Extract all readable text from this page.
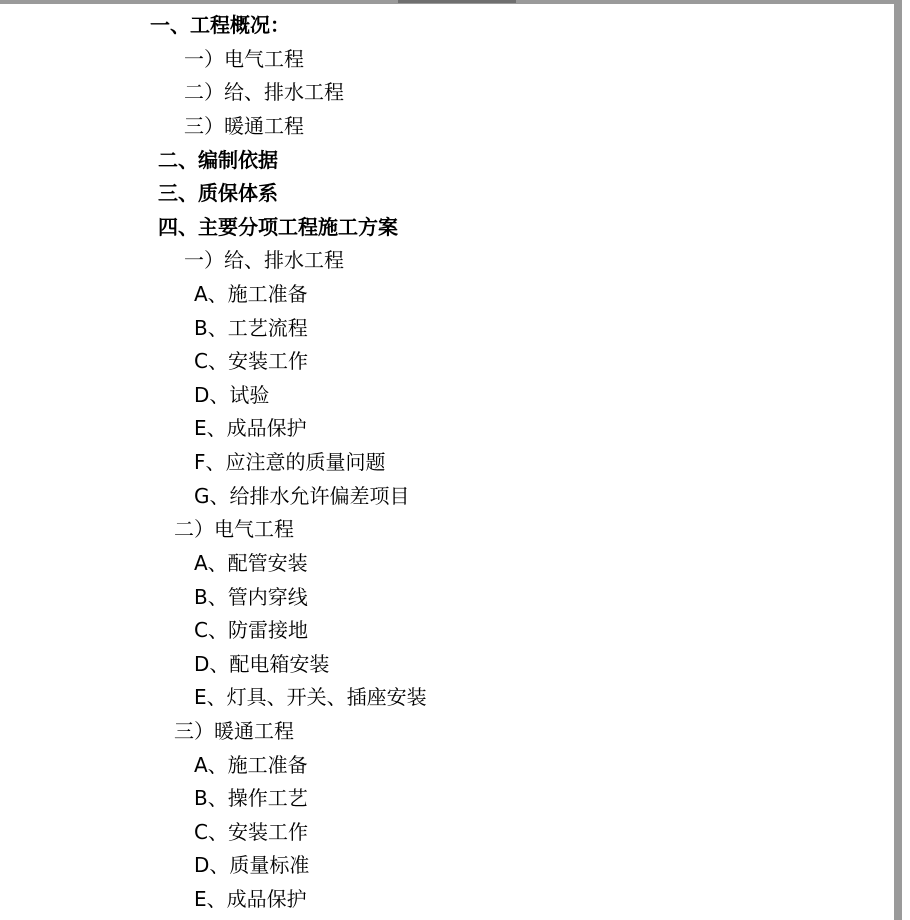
一、工程概况：
一）电气工程
二）给、排水工程
三）暖通工程
二、编制依据
三、质保体系
四、主要分项工程施工方案
一）给、排水工程
A、施工准备
B、工艺流程
C、安装工作
D、试验
E、成品保护
F、应注意的质量问题
G、给排水允许偏差项目
二）电气工程
A、配管安装
B、管内穿线
C、防雷接地
D、配电箱安装
E、灯具、开关、插座安装
三）暖通工程
A、施工准备
B、操作工艺
C、安装工作
D、质量标准
E、成品保护
